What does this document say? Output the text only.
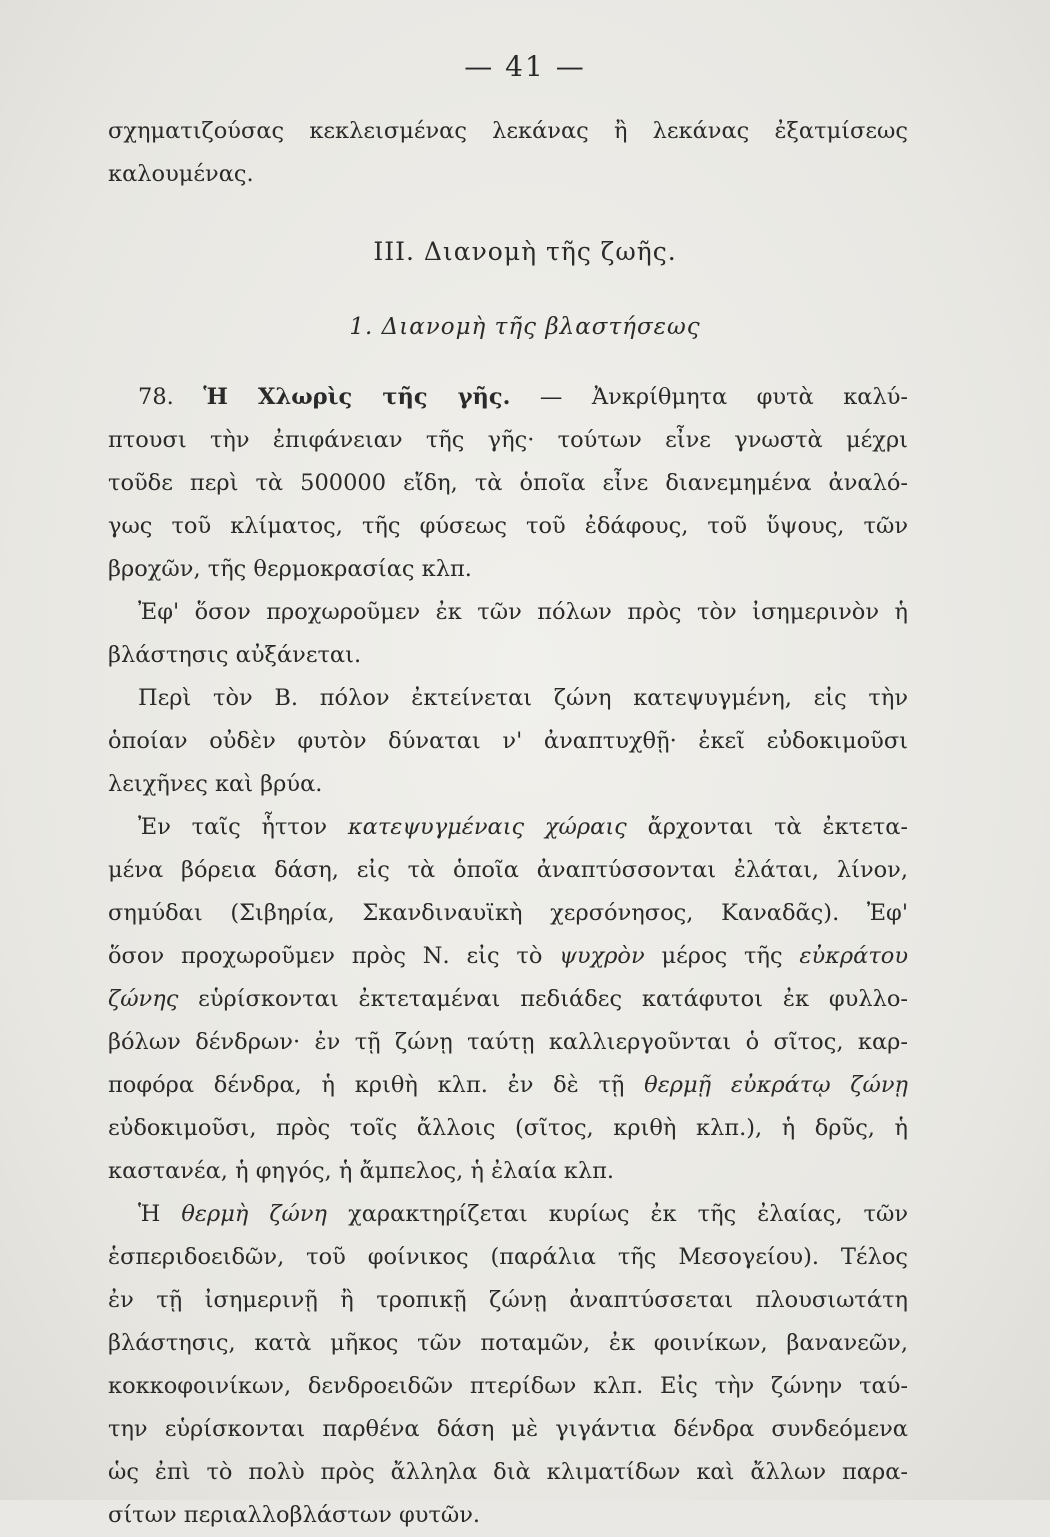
— 41 —
σχηματιζούσας κεκλεισμένας λεκάνας ἢ λεκάνας ἐξατμίσεως
καλουμένας.
ΙΙΙ. Διανομὴ τῆς ζωῆς.
1. Διανομὴ τῆς βλαστήσεως
78. Ἡ Χλωρὶς τῆς γῆς. — Ἀνκρίθμητα φυτὰ καλύ-
πτουσι τὴν ἐπιφάνειαν τῆς γῆς· τούτων εἶνε γνωστὰ μέχρι
τοῦδε περὶ τὰ 500000 εἴδη, τὰ ὁποῖα εἶνε διανεμημένα ἀναλό-
γως τοῦ κλίματος, τῆς φύσεως τοῦ ἐδάφους, τοῦ ὕψους, τῶν
βροχῶν, τῆς θερμοκρασίας κλπ.
Ἐφ' ὅσον προχωροῦμεν ἐκ τῶν πόλων πρὸς τὸν ἰσημερινὸν ἡ
βλάστησις αὐξάνεται.
Περὶ τὸν Β. πόλον ἐκτείνεται ζώνη κατεψυγμένη, εἰς τὴν
ὁποίαν οὐδὲν φυτὸν δύναται ν' ἀναπτυχθῇ· ἐκεῖ εὐδοκιμοῦσι
λειχῆνες καὶ βρύα.
Ἐν ταῖς ἧττον κατεψυγμέναις χώραις ἄρχονται τὰ ἐκτετα-
μένα βόρεια δάση, εἰς τὰ ὁποῖα ἀναπτύσσονται ἐλάται, λίνον,
σημύδαι (Σιβηρία, Σκανδιναυϊκὴ χερσόνησος, Καναδᾶς). Ἐφ'
ὅσον προχωροῦμεν πρὸς Ν. εἰς τὸ ψυχρὸν μέρος τῆς εὐκράτου
ζώνης εὑρίσκονται ἐκτεταμέναι πεδιάδες κατάφυτοι ἐκ φυλλο-
βόλων δένδρων· ἐν τῇ ζώνῃ ταύτῃ καλλιεργοῦνται ὁ σῖτος, καρ-
ποφόρα δένδρα, ἡ κριθὴ κλπ. ἐν δὲ τῇ θερμῇ εὐκράτῳ ζώνῃ
εὐδοκιμοῦσι, πρὸς τοῖς ἄλλοις (σῖτος, κριθὴ κλπ.), ἡ δρῦς, ἡ
καστανέα, ἡ φηγός, ἡ ἄμπελος, ἡ ἐλαία κλπ.
Ἡ θερμὴ ζώνη χαρακτηρίζεται κυρίως ἐκ τῆς ἐλαίας, τῶν
ἑσπεριδοειδῶν, τοῦ φοίνικος (παράλια τῆς Μεσογείου). Τέλος
ἐν τῇ ἰσημερινῇ ἢ τροπικῇ ζώνῃ ἀναπτύσσεται πλουσιωτάτη
βλάστησις, κατὰ μῆκος τῶν ποταμῶν, ἐκ φοινίκων, βανανεῶν,
κοκκοφοινίκων, δενδροειδῶν πτερίδων κλπ. Εἰς τὴν ζώνην ταύ-
την εὑρίσκονται παρθένα δάση μὲ γιγάντια δένδρα συνδεόμενα
ὡς ἐπὶ τὸ πολὺ πρὸς ἄλληλα διὰ κλιματίδων καὶ ἄλλων παρα-
σίτων περιαλλοβλάστων φυτῶν.
